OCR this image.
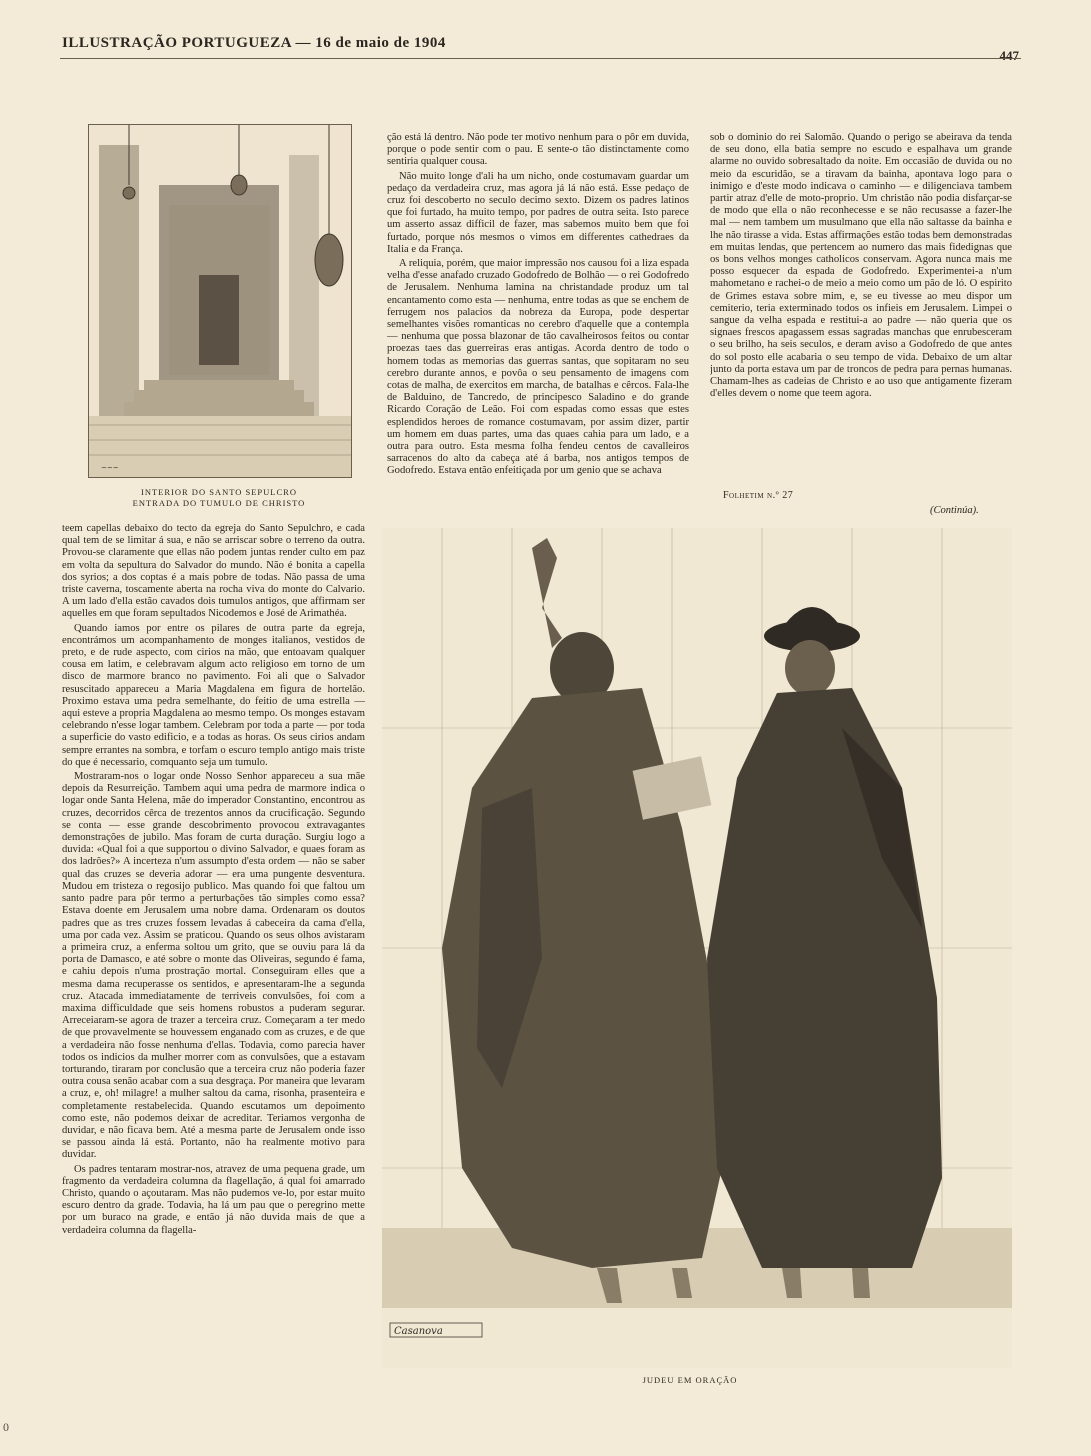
ILLUSTRAÇÃO PORTUGUEZA — 16 de maio de 1904
447
~~~
INTERIOR DO SANTO SEPULCRO
ENTRADA DO TUMULO DE CHRISTO

ção está lá dentro. Não pode ter motivo nenhum para o pôr em duvida, porque o pode sentir com o pau. E sente-o tão distinctamente como sentiria qualquer cousa.

Não muito longe d'ali ha um nicho, onde costumavam guardar um pedaço da verdadeira cruz, mas agora já lá não está. Esse pedaço de cruz foi descoberto no seculo decimo sexto. Dizem os padres latinos que foi furtado, ha muito tempo, por padres de outra seita. Isto parece um asserto assaz difficil de fazer, mas sabemos muito bem que foi furtado, porque nós mesmos o vimos em differentes cathedraes da Italia e da França.

A reliquia, porém, que maior impressão nos causou foi a liza espada velha d'esse anafado cruzado Godofredo de Bolhão — o rei Godofredo de Jerusalem. Nenhuma lamina na christandade produz um tal encantamento como esta — nenhuma, entre todas as que se enchem de ferrugem nos palacios da nobreza da Europa, pode despertar semelhantes visões romanticas no cerebro d'aquelle que a contempla — nenhuma que possa blazonar de tão cavalheirosos feitos ou contar proezas taes das guerreiras eras antigas. Acorda dentro de todo o homem todas as memorias das guerras santas, que sopitaram no seu cerebro durante annos, e povôa o seu pensamento de imagens com cotas de malha, de exercitos em marcha, de batalhas e cêrcos. Fala-lhe de Balduino, de Tancredo, de principesco Saladino e do grande Ricardo Coração de Leão. Foi com espadas como essas que estes esplendidos heroes de romance costumavam, por assim dizer, partir um homem em duas partes, uma das quaes cahia para um lado, e a outra para outro. Esta mesma folha fendeu centos de cavalleiros sarracenos do alto da cabeça até á barba, nos antigos tempos de Godofredo. Estava então enfeitiçada por um genio que se achava

sob o dominio do rei Salomão. Quando o perigo se abeirava da tenda de seu dono, ella batia sempre no escudo e espalhava um grande alarme no ouvido sobresaltado da noite. Em occasião de duvida ou no meio da escuridão, se a tiravam da bainha, apontava logo para o inimigo e d'este modo indicava o caminho — e diligenciava tambem partir atraz d'elle de moto-proprio. Um christão não podia disfarçar-se de modo que ella o não reconhecesse e se não recusasse a fazer-lhe mal — nem tambem um musulmano que ella não saltasse da bainha e lhe não tirasse a vida. Estas affirmações estão todas bem demonstradas em muitas lendas, que pertencem ao numero das mais fidedignas que os bons velhos monges catholicos conservam. Agora nunca mais me posso esquecer da espada de Godofredo. Experimentei-a n'um mahometano e rachei-o de meio a meio como um pão de ló. O espirito de Grimes estava sobre mim, e, se eu tivesse ao meu dispor um cemiterio, teria exterminado todos os infieis em Jerusalem. Limpei o sangue da velha espada e restitui-a ao padre — não queria que os signaes frescos apagassem essas sagradas manchas que enrubesceram o seu brilho, ha seis seculos, e deram aviso a Godofredo de que antes do sol posto elle acabaria o seu tempo de vida. Debaixo de um altar junto da porta estava um par de troncos de pedra para pernas humanas. Chamam-lhes as cadeias de Christo e ao uso que antigamente fizeram d'elles devem o nome que teem agora.

Folhetim n.º 27
(Continúa).

teem capellas debaixo do tecto da egreja do Santo Sepulchro, e cada qual tem de se limitar á sua, e não se arriscar sobre o terreno da outra. Provou-se claramente que ellas não podem juntas render culto em paz em volta da sepultura do Salvador do mundo. Não é bonita a capella dos syrios; a dos coptas é a mais pobre de todas. Não passa de uma triste caverna, toscamente aberta na rocha viva do monte do Calvario. A um lado d'ella estão cavados dois tumulos antigos, que affirmam ser aquelles em que foram sepultados Nicodemos e José de Arimathéa.

Quando iamos por entre os pilares de outra parte da egreja, encontrámos um acompanhamento de monges italianos, vestidos de preto, e de rude aspecto, com cirios na mão, que entoavam qualquer cousa em latim, e celebravam algum acto religioso em torno de um disco de marmore branco no pavimento. Foi ali que o Salvador resuscitado appareceu a Maria Magdalena em figura de hortelão. Proximo estava uma pedra semelhante, do feitio de uma estrella — aqui esteve a propria Magdalena ao mesmo tempo. Os monges estavam celebrando n'esse logar tambem. Celebram por toda a parte — por toda a superficie do vasto edificio, e a todas as horas. Os seus cirios andam sempre errantes na sombra, e torfam o escuro templo antigo mais triste do que é necessario, comquanto seja um tumulo.

Mostraram-nos o logar onde Nosso Senhor appareceu a sua mãe depois da Resurreição. Tambem aqui uma pedra de marmore indica o logar onde Santa Helena, mãe do imperador Constantino, encontrou as cruzes, decorridos cêrca de trezentos annos da crucificação. Segundo se conta — esse grande descobrimento provocou extravagantes demonstrações de jubilo. Mas foram de curta duração. Surgiu logo a duvida: «Qual foi a que supportou o divino Salvador, e quaes foram as dos ladrões?» A incerteza n'um assumpto d'esta ordem — não se saber qual das cruzes se deveria adorar — era uma pungente desventura. Mudou em tristeza o regosijo publico. Mas quando foi que faltou um santo padre para pôr termo a perturbações tão simples como essa? Estava doente em Jerusalem uma nobre dama. Ordenaram os doutos padres que as tres cruzes fossem levadas á cabeceira da cama d'ella, uma por cada vez. Assim se praticou. Quando os seus olhos avistaram a primeira cruz, a enferma soltou um grito, que se ouviu para lá da porta de Damasco, e até sobre o monte das Oliveiras, segundo é fama, e cahiu depois n'uma prostração mortal. Conseguiram elles que a mesma dama recuperasse os sentidos, e apresentaram-lhe a segunda cruz. Atacada immediatamente de terriveis convulsões, foi com a maxima difficuldade que seis homens robustos a puderam segurar. Arreceiaram-se agora de trazer a terceira cruz. Começaram a ter medo de que provavelmente se houvessem enganado com as cruzes, e de que a verdadeira não fosse nenhuma d'ellas. Todavia, como parecia haver todos os indicios da mulher morrer com as convulsões, que a estavam torturando, tiraram por conclusão que a terceira cruz não poderia fazer outra cousa senão acabar com a sua desgraça. Por maneira que levaram a cruz, e, oh! milagre! a mulher saltou da cama, risonha, prasenteira e completamente restabelecida. Quando escutamos um depoimento como este, não podemos deixar de acreditar. Teriamos vergonha de duvidar, e não ficava bem. Até a mesma parte de Jerusalem onde isso se passou ainda lá está. Portanto, não ha realmente motivo para duvidar.

Os padres tentaram mostrar-nos, atravez de uma pequena grade, um fragmento da verdadeira columna da flagellação, á qual foi amarrado Christo, quando o açoutaram. Mas não pudemos ve-lo, por estar muito escuro dentro da grade. Todavia, ha lá um pau que o peregrino mette por um buraco na grade, e então já não duvida mais de que a verdadeira columna da flagella-

Casanova
JUDEU EM ORAÇÃO
0
